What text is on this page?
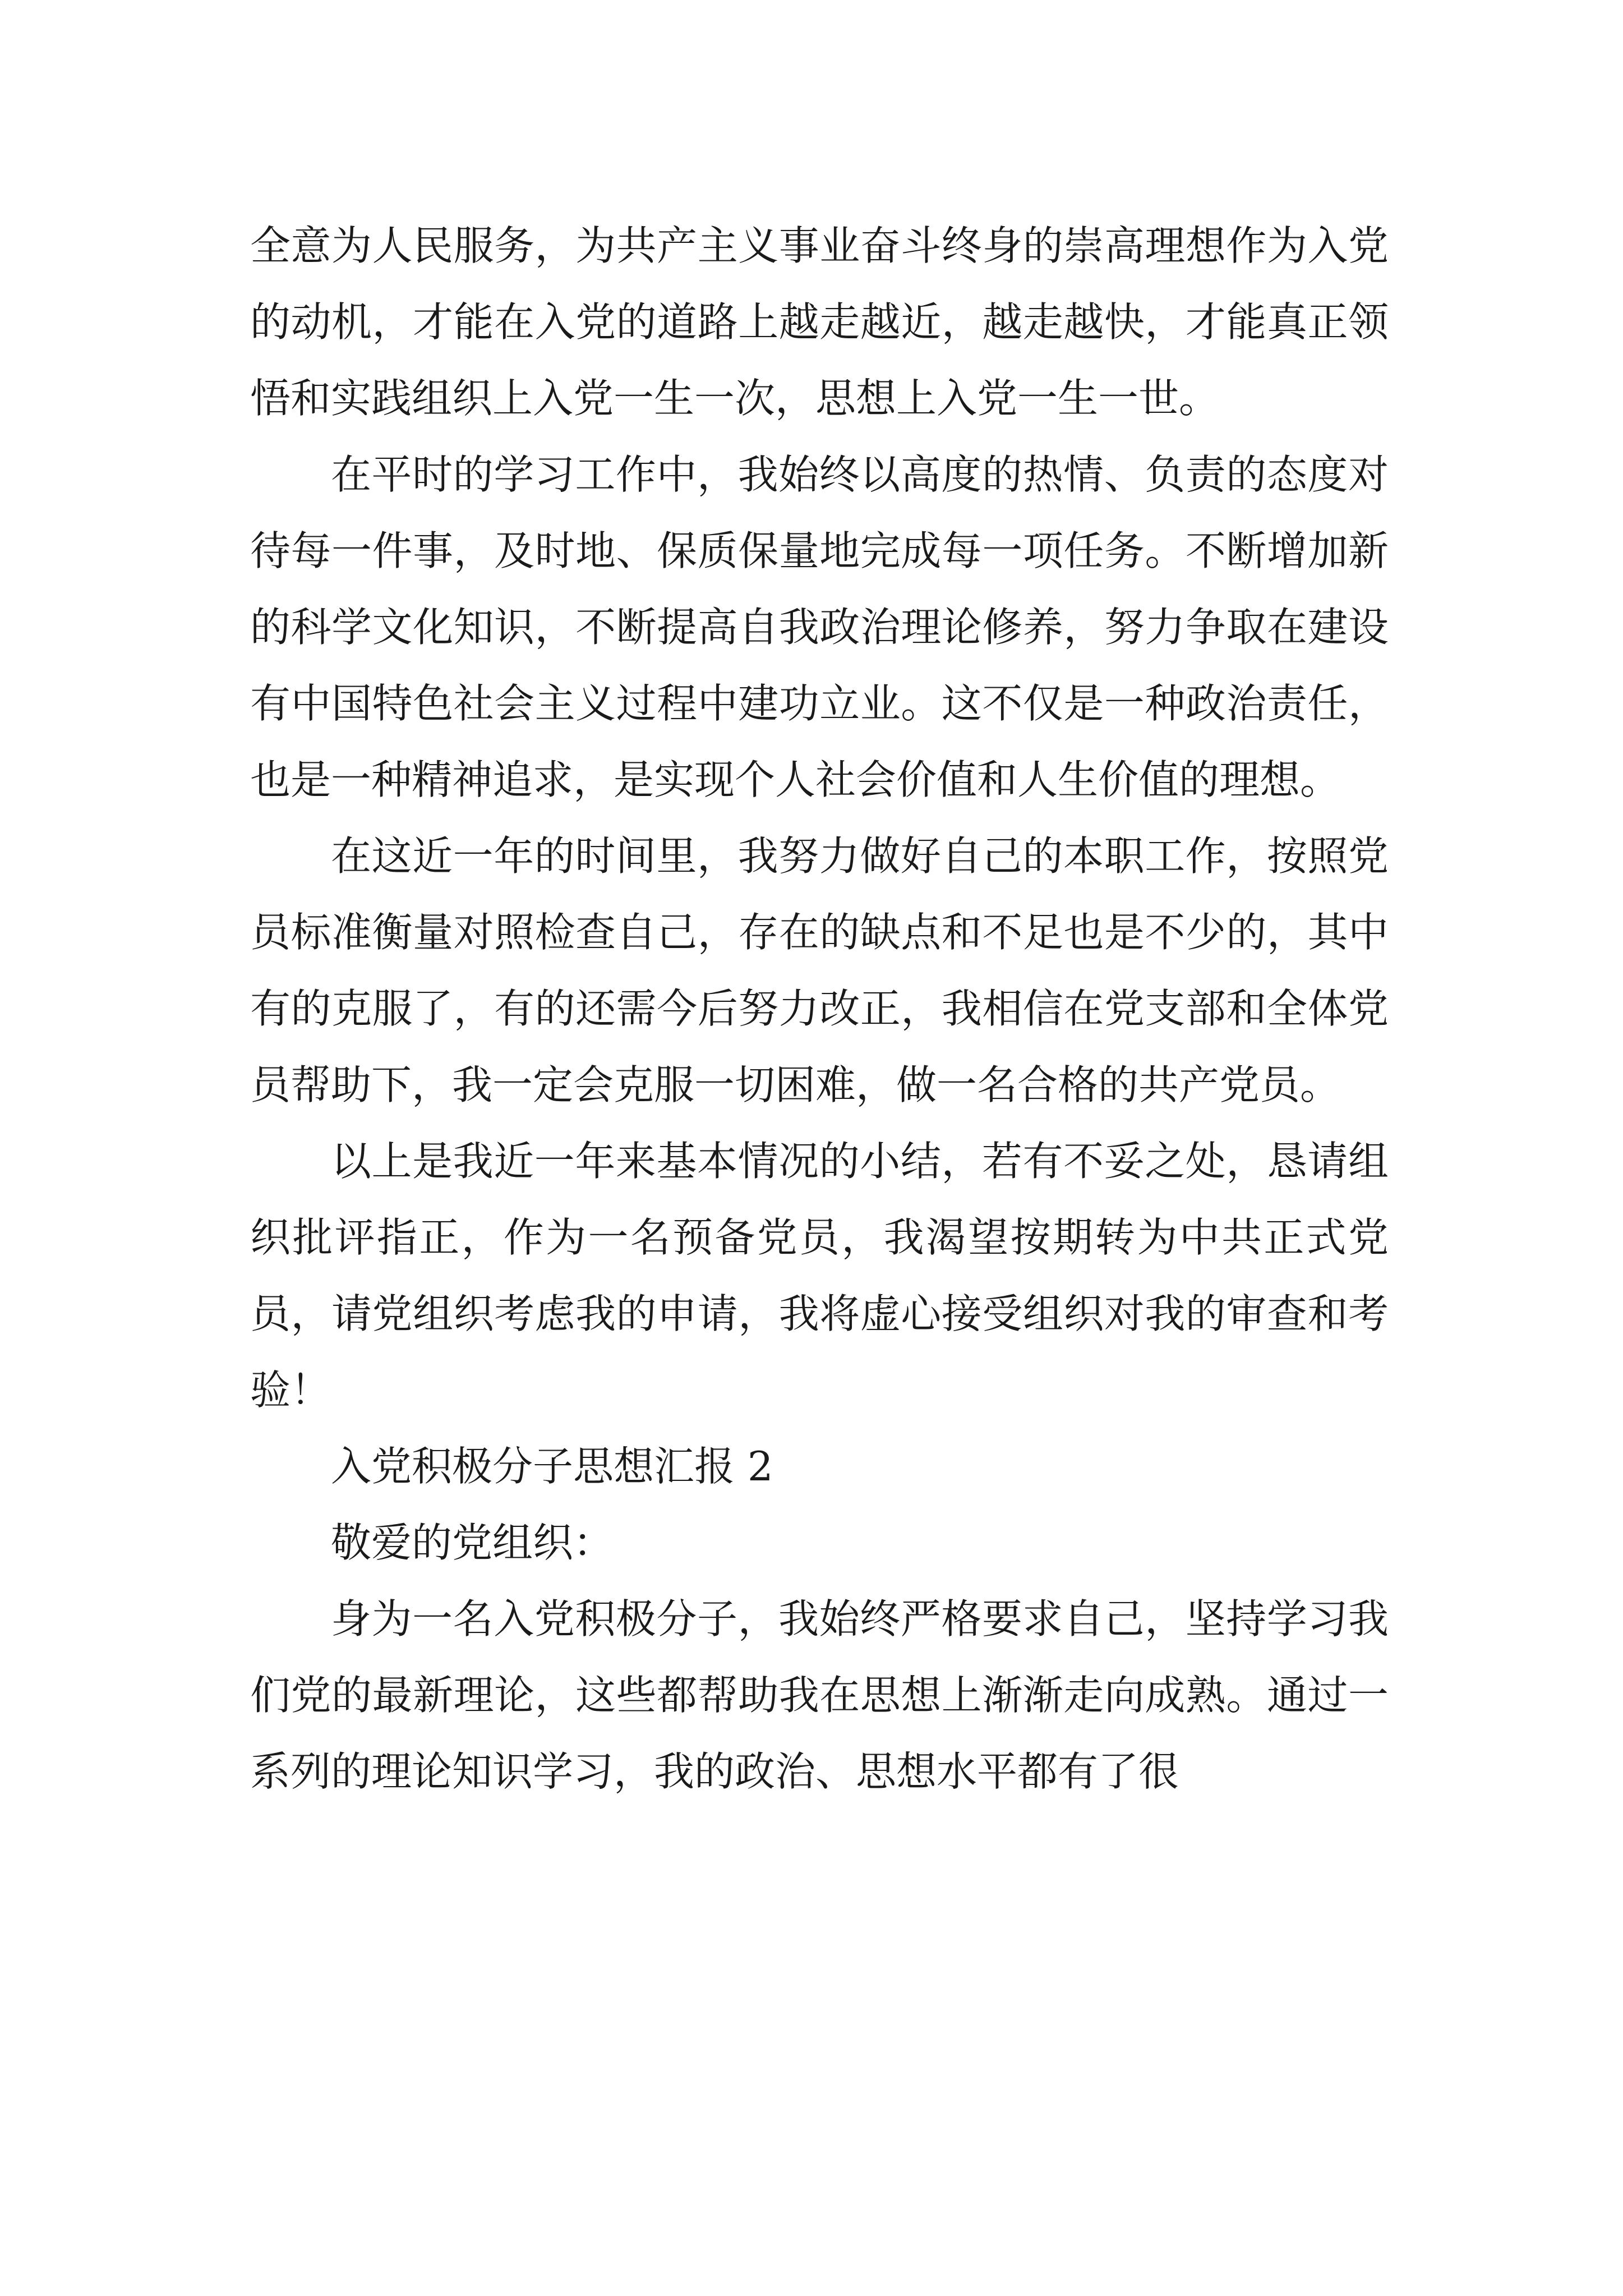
全意为人民服务，为共产主义事业奋斗终身的崇高理想作为入党的动机，才能在入党的道路上越走越近，越走越快，才能真正领悟和实践组织上入党一生一次，思想上入党一生一世。

在平时的学习工作中，我始终以高度的热情、负责的态度对待每一件事，及时地、保质保量地完成每一项任务。不断增加新的科学文化知识，不断提高自我政治理论修养，努力争取在建设有中国特色社会主义过程中建功立业。这不仅是一种政治责任，也是一种精神追求，是实现个人社会价值和人生价值的理想。

在这近一年的时间里，我努力做好自己的本职工作，按照党员标准衡量对照检查自己，存在的缺点和不足也是不少的，其中有的克服了，有的还需今后努力改正，我相信在党支部和全体党员帮助下，我一定会克服一切困难，做一名合格的共产党员。

以上是我近一年来基本情况的小结，若有不妥之处，恳请组织批评指正，作为一名预备党员，我渴望按期转为中共正式党员，请党组织考虑我的申请，我将虚心接受组织对我的审查和考验！

入党积极分子思想汇报 2

敬爱的党组织：

身为一名入党积极分子，我始终严格要求自己，坚持学习我们党的最新理论，这些都帮助我在思想上渐渐走向成熟。通过一系列的理论知识学习，我的政治、思想水平都有了很
